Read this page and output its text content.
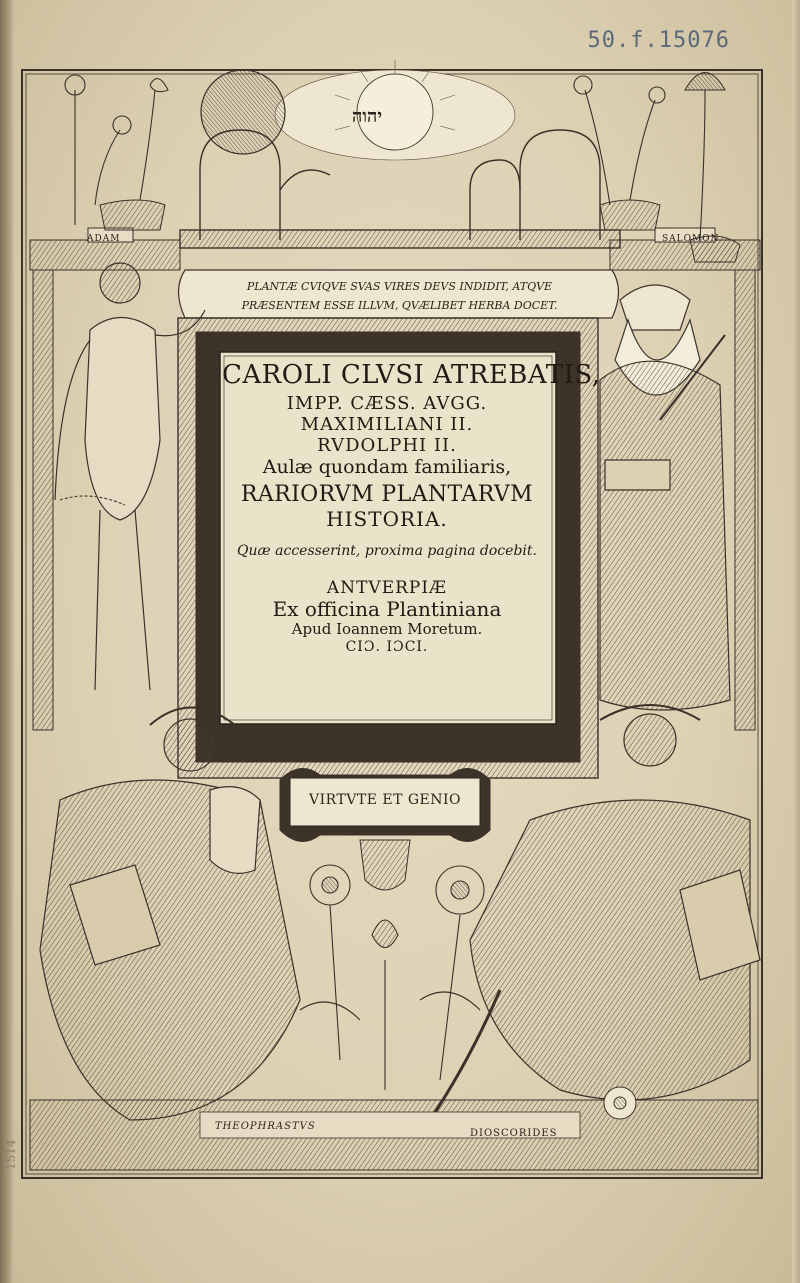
50.f.15076
1514
יהוה
ADAM	SALOMON
PLANTÆ CVIQVE SVAS VIRES DEVS INDIDIT, ATQVE
PRÆSENTEM ESSE ILLVM, QVÆLIBET HERBA DOCET.
CAROLI CLVSI ATREBATIS,
IMPP. CÆSS. AVGG.
MAXIMILIANI II.
RVDOLPHI II.
Aulæ quondam familiaris,
RARIORVM PLANTARVM
HISTORIA.
Quæ accesserint, proxima pagina docebit.
ANTVERPIÆ
Ex officina Plantiniana
Apud Ioannem Moretum.
CIƆ. IƆCI.
VIRTVTE ET GENIO
THEOPHRASTVS
DIOSCORIDES
